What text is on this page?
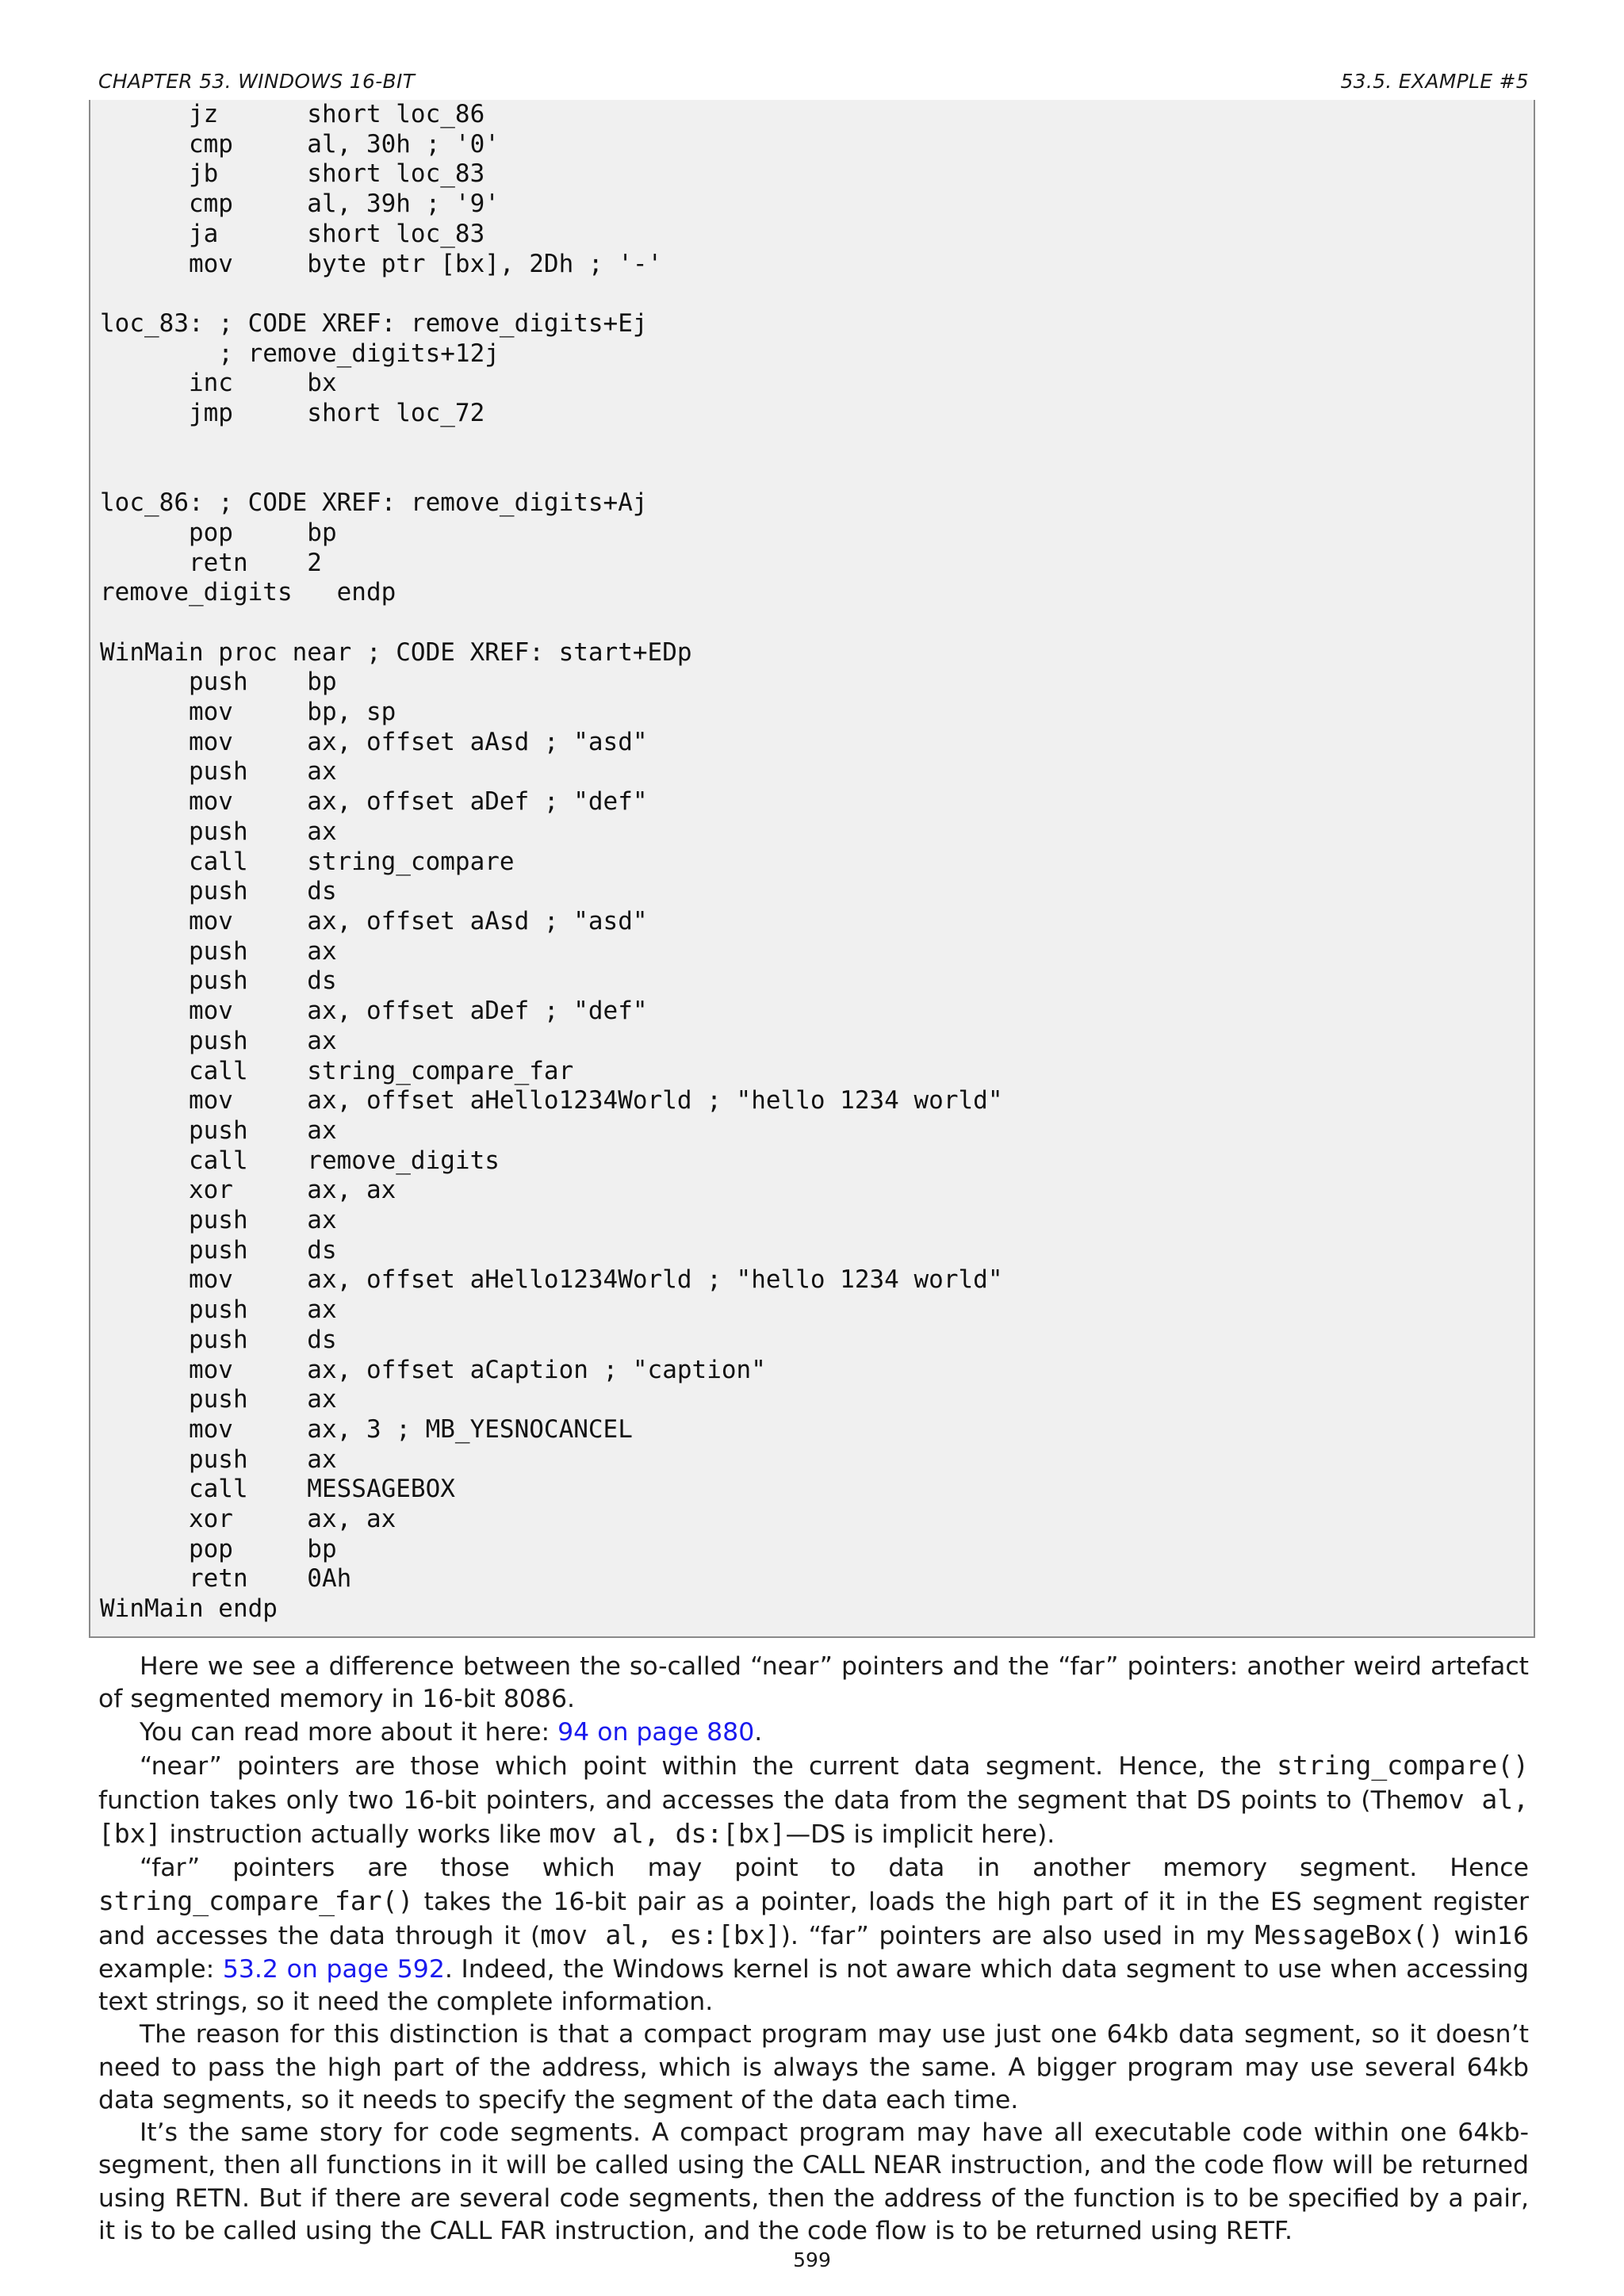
CHAPTER 53. WINDOWS 16-BIT	53.5. EXAMPLE #5
jz      short loc_86
cmp     al, 30h ; '0'
jb      short loc_83
cmp     al, 39h ; '9'
ja      short loc_83
mov     byte ptr [bx], 2Dh ; '-'

loc_83: ; CODE XREF: remove_digits+Ej
; remove_digits+12j
inc     bx
jmp     short loc_72

loc_86: ; CODE XREF: remove_digits+Aj
pop     bp
retn    2
remove_digits   endp

WinMain proc near ; CODE XREF: start+EDp
push    bp
mov     bp, sp
mov     ax, offset aAsd ; "asd"
push    ax
mov     ax, offset aDef ; "def"
push    ax
call    string_compare
push    ds
mov     ax, offset aAsd ; "asd"
push    ax
push    ds
mov     ax, offset aDef ; "def"
push    ax
call    string_compare_far
mov     ax, offset aHello1234World ; "hello 1234 world"
push    ax
call    remove_digits
xor     ax, ax
push    ax
push    ds
mov     ax, offset aHello1234World ; "hello 1234 world"
push    ax
push    ds
mov     ax, offset aCaption ; "caption"
push    ax
mov     ax, 3 ; MB_YESNOCANCEL
push    ax
call    MESSAGEBOX
xor     ax, ax
pop     bp
retn    0Ah
WinMain endp

Here we see a difference between the so-called “near” pointers and the “far” pointers: another weird artefact of segmented memory in 16-bit 8086.

You can read more about it here: 94 on page 880.

“near” pointers are those which point within the current data segment. Hence, the string_compare() function takes only two 16-bit pointers, and accesses the data from the segment that DS points to (Themov al, [bx] instruction actually works like mov al, ds:[bx]—DS is implicit here).

“far” pointers are those which may point to data in another memory segment. Hence string_compare_far() takes the 16-bit pair as a pointer, loads the high part of it in the ES segment register and accesses the data through it (mov al, es:[bx]). “far” pointers are also used in my MessageBox() win16 example: 53.2 on page 592. Indeed, the Windows kernel is not aware which data segment to use when accessing text strings, so it need the complete information.

The reason for this distinction is that a compact program may use just one 64kb data segment, so it doesn’t need to pass the high part of the address, which is always the same. A bigger program may use several 64kb data segments, so it needs to specify the segment of the data each time.

It’s the same story for code segments. A compact program may have all executable code within one 64kb-segment, then all functions in it will be called using the CALL NEAR instruction, and the code flow will be returned using RETN. But if there are several code segments, then the address of the function is to be specified by a pair, it is to be called using the CALL FAR instruction, and the code flow is to be returned using RETF.

599
